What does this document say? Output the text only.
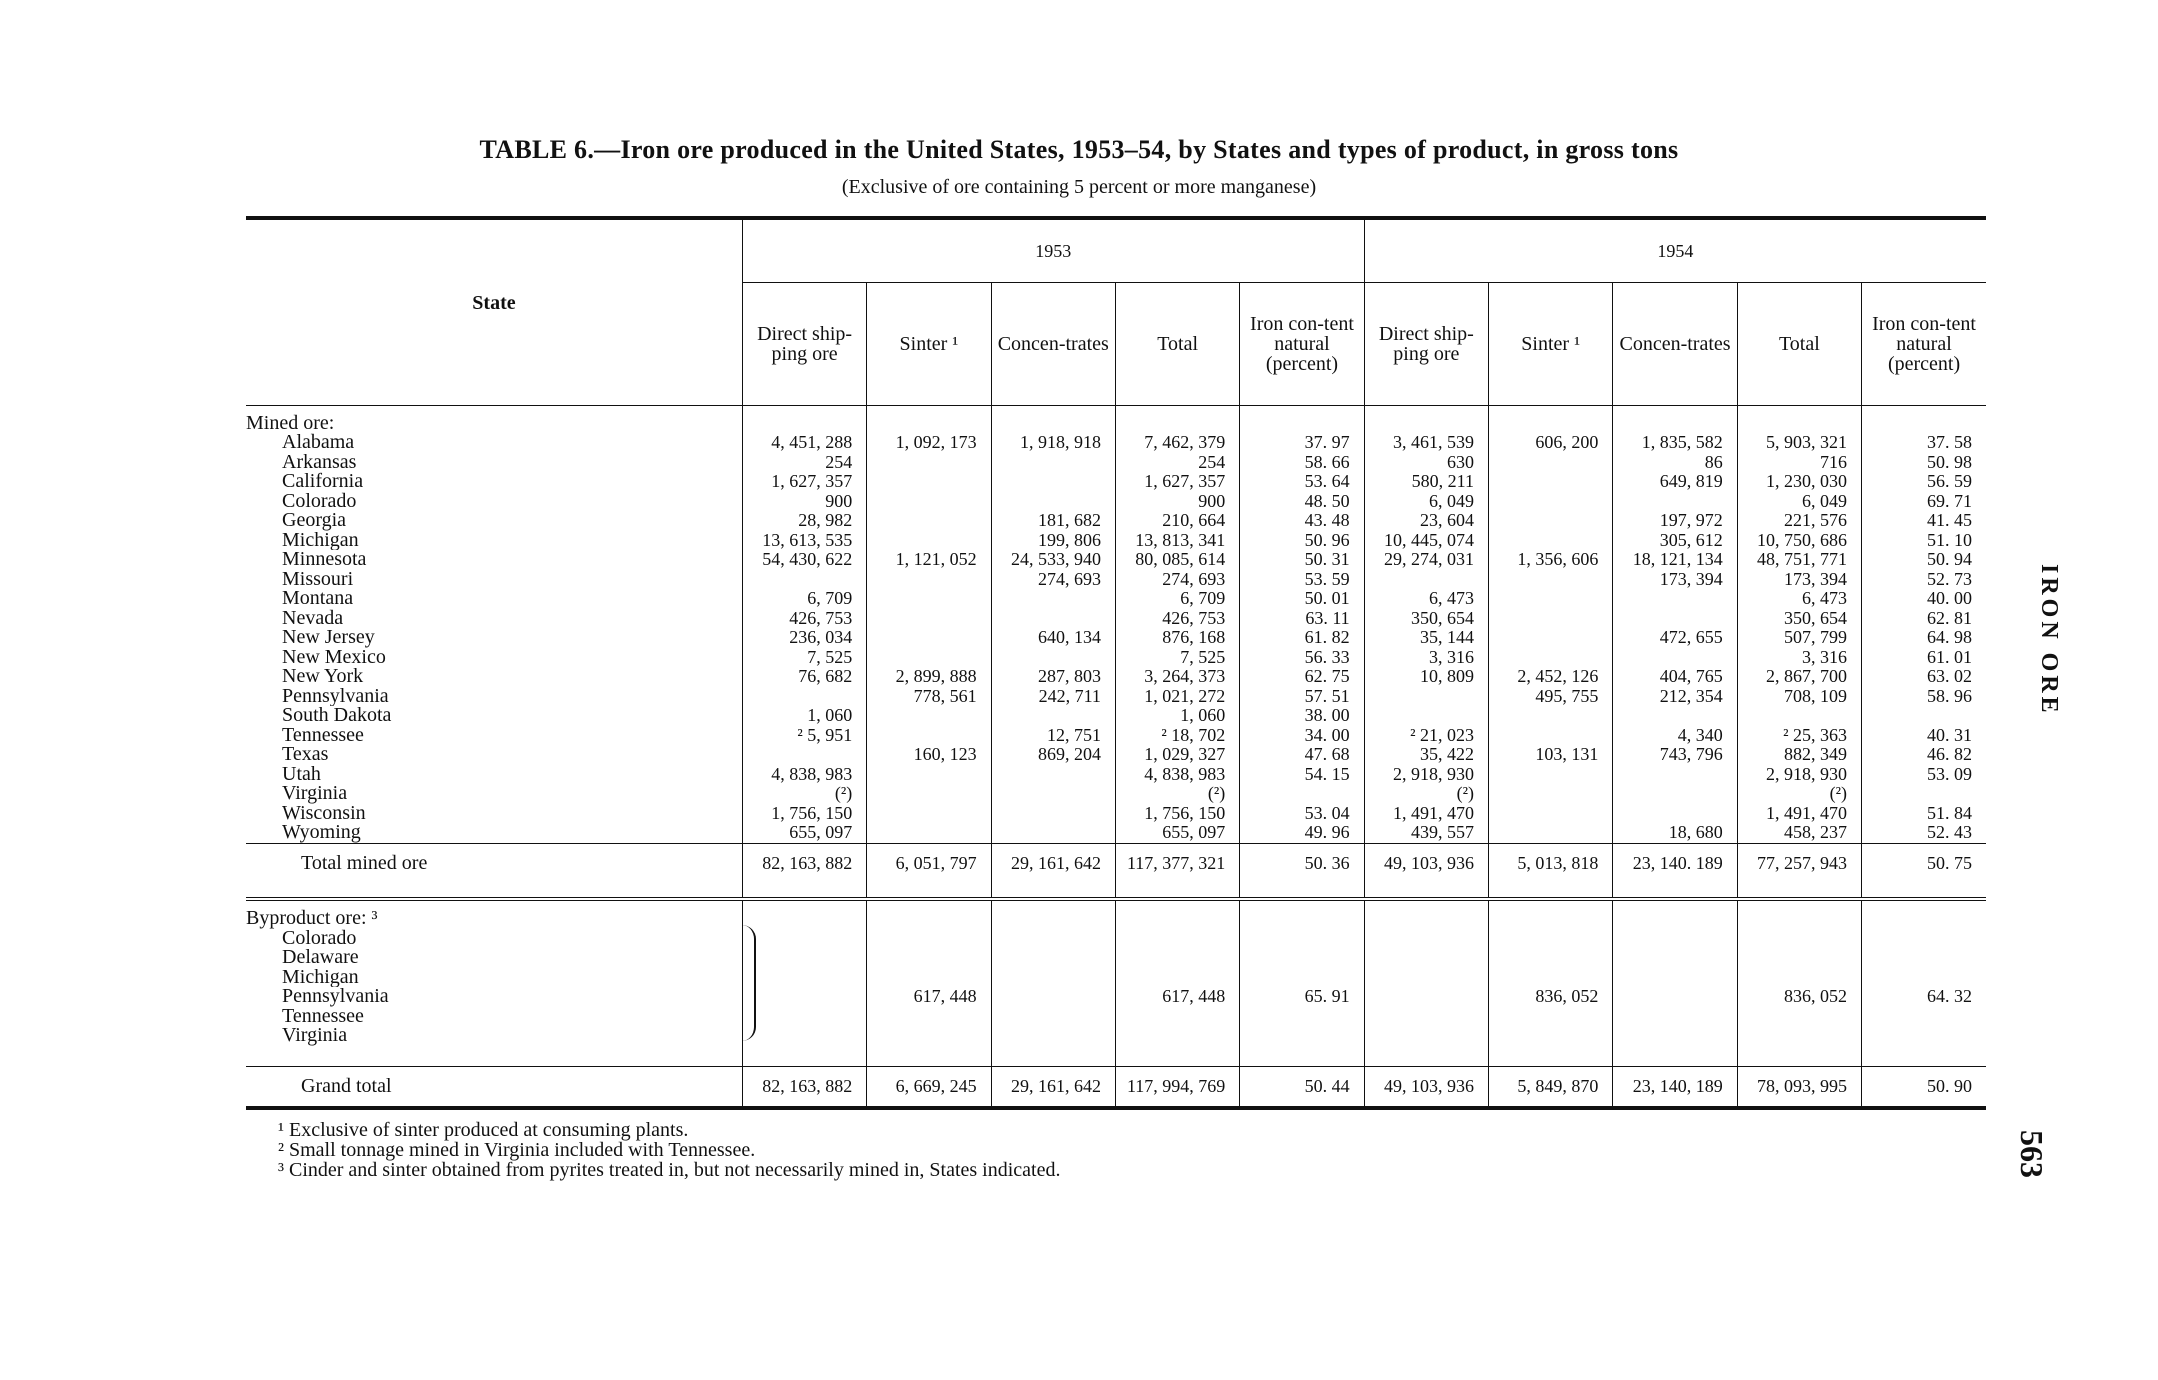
TABLE 6.—Iron ore produced in the United States, 1953–54, by States and types of product, in gross tons
(Exclusive of ore containing 5 percent or more manganese)
State	1953					1954				
	Direct ship-ping ore	Sinter ¹	Concen-trates	Total	Iron con-tent natural (percent)	Direct ship-ping ore	Sinter ¹	Concen-trates	Total	Iron con-tent natural (percent)
Mined ore:										
Alabama	4, 451, 288	1, 092, 173	1, 918, 918	7, 462, 379	37. 97	3, 461, 539	606, 200	1, 835, 582	5, 903, 321	37. 58
Arkansas	254			254	58. 66	630		86	716	50. 98
California	1, 627, 357			1, 627, 357	53. 64	580, 211		649, 819	1, 230, 030	56. 59
Colorado	900			900	48. 50	6, 049			6, 049	69. 71
Georgia	28, 982		181, 682	210, 664	43. 48	23, 604		197, 972	221, 576	41. 45
Michigan	13, 613, 535		199, 806	13, 813, 341	50. 96	10, 445, 074		305, 612	10, 750, 686	51. 10
Minnesota	54, 430, 622	1, 121, 052	24, 533, 940	80, 085, 614	50. 31	29, 274, 031	1, 356, 606	18, 121, 134	48, 751, 771	50. 94
Missouri			274, 693	274, 693	53. 59			173, 394	173, 394	52. 73
Montana	6, 709			6, 709	50. 01	6, 473			6, 473	40. 00
Nevada	426, 753			426, 753	63. 11	350, 654			350, 654	62. 81
New Jersey	236, 034		640, 134	876, 168	61. 82	35, 144		472, 655	507, 799	64. 98
New Mexico	7, 525			7, 525	56. 33	3, 316			3, 316	61. 01
New York	76, 682	2, 899, 888	287, 803	3, 264, 373	62. 75	10, 809	2, 452, 126	404, 765	2, 867, 700	63. 02
Pennsylvania		778, 561	242, 711	1, 021, 272	57. 51		495, 755	212, 354	708, 109	58. 96
South Dakota	1, 060			1, 060	38. 00					
Tennessee	² 5, 951		12, 751	² 18, 702	34. 00	² 21, 023		4, 340	² 25, 363	40. 31
Texas		160, 123	869, 204	1, 029, 327	47. 68	35, 422	103, 131	743, 796	882, 349	46. 82
Utah	4, 838, 983			4, 838, 983	54. 15	2, 918, 930			2, 918, 930	53. 09
Virginia	(²)			(²)		(²)			(²)	
Wisconsin	1, 756, 150			1, 756, 150	53. 04	1, 491, 470			1, 491, 470	51. 84
Wyoming	655, 097			655, 097	49. 96	439, 557		18, 680	458, 237	52. 43
Total mined ore	82, 163, 882	6, 051, 797	29, 161, 642	117, 377, 321	50. 36	49, 103, 936	5, 013, 818	23, 140. 189	77, 257, 943	50. 75

Byproduct ore: ³										
Colorado										
Delaware										
Michigan										
Pennsylvania		617, 448		617, 448	65. 91		836, 052		836, 052	64. 32
Tennessee										
Virginia										

Grand total	82, 163, 882	6, 669, 245	29, 161, 642	117, 994, 769	50. 44	49, 103, 936	5, 849, 870	23, 140, 189	78, 093, 995	50. 90
¹ Exclusive of sinter produced at consuming plants.
² Small tonnage mined in Virginia included with Tennessee.
³ Cinder and sinter obtained from pyrites treated in, but not necessarily mined in, States indicated.
IRON ORE
563
